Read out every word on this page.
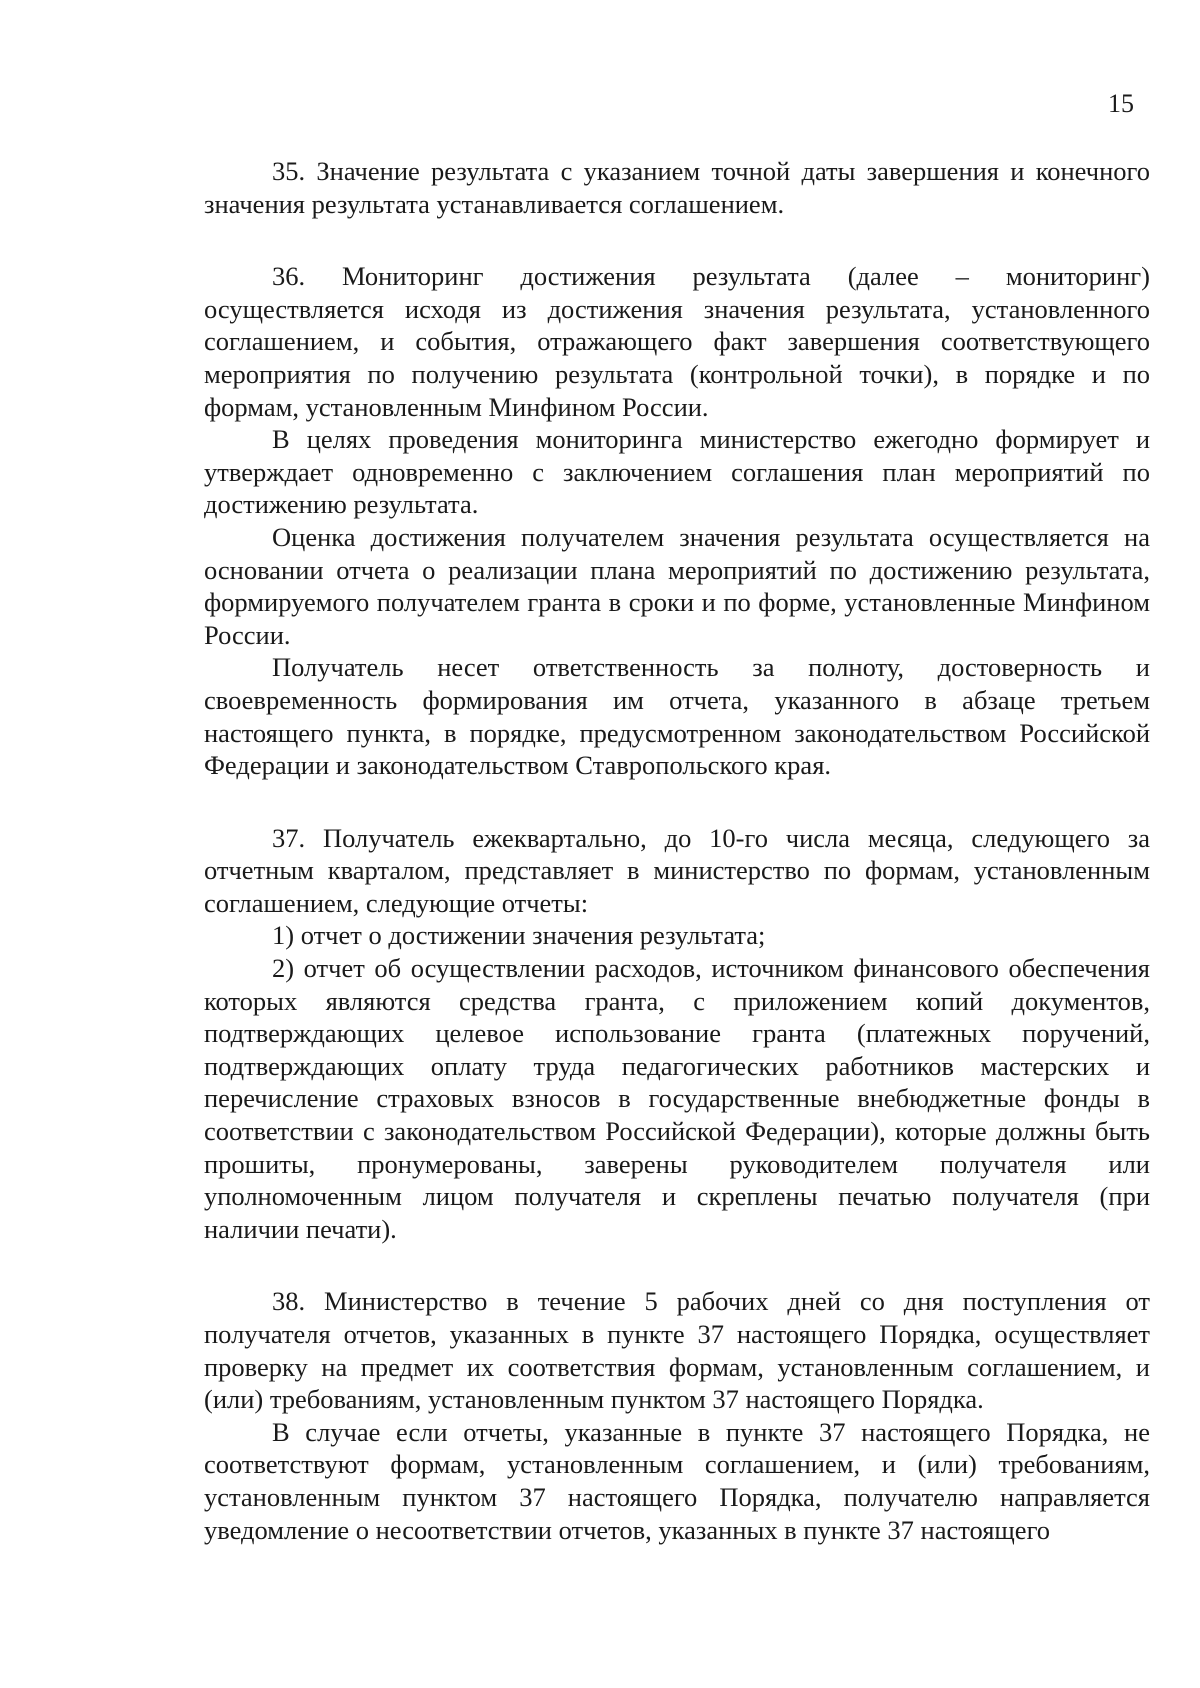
15

35. Значение результата с указанием точной даты завершения и конечного значения результата устанавливается соглашением.

36. Мониторинг достижения результата (далее – мониторинг) осуществляется исходя из достижения значения результата, установленного соглашением, и события, отражающего факт завершения соответствующего мероприятия по получению результата (контрольной точки), в порядке и по формам, установленным Минфином России.

В целях проведения мониторинга министерство ежегодно формирует и утверждает одновременно с заключением соглашения план мероприятий по достижению результата.

Оценка достижения получателем значения результата осуществляется на основании отчета о реализации плана мероприятий по достижению результата, формируемого получателем гранта в сроки и по форме, установленные Минфином России.

Получатель несет ответственность за полноту, достоверность и своевременность формирования им отчета, указанного в абзаце третьем настоящего пункта, в порядке, предусмотренном законодательством Российской Федерации и законодательством Ставропольского края.

37. Получатель ежеквартально, до 10-го числа месяца, следующего за отчетным кварталом, представляет в министерство по формам, установленным соглашением, следующие отчеты:

1) отчет о достижении значения результата;

2) отчет об осуществлении расходов, источником финансового обеспечения которых являются средства гранта, с приложением копий документов, подтверждающих целевое использование гранта (платежных поручений, подтверждающих оплату труда педагогических работников мастерских и перечисление страховых взносов в государственные внебюджетные фонды в соответствии с законодательством Российской Федерации), которые должны быть прошиты, пронумерованы, заверены руководителем получателя или уполномоченным лицом получателя и скреплены печатью получателя (при наличии печати).

38. Министерство в течение 5 рабочих дней со дня поступления от получателя отчетов, указанных в пункте 37 настоящего Порядка, осуществляет проверку на предмет их соответствия формам, установленным соглашением, и (или) требованиям, установленным пунктом 37 настоящего Порядка.

В случае если отчеты, указанные в пункте 37 настоящего Порядка, не соответствуют формам, установленным соглашением, и (или) требованиям, установленным пунктом 37 настоящего Порядка, получателю направляется уведомление о несоответствии отчетов, указанных в пункте 37 настоящего
